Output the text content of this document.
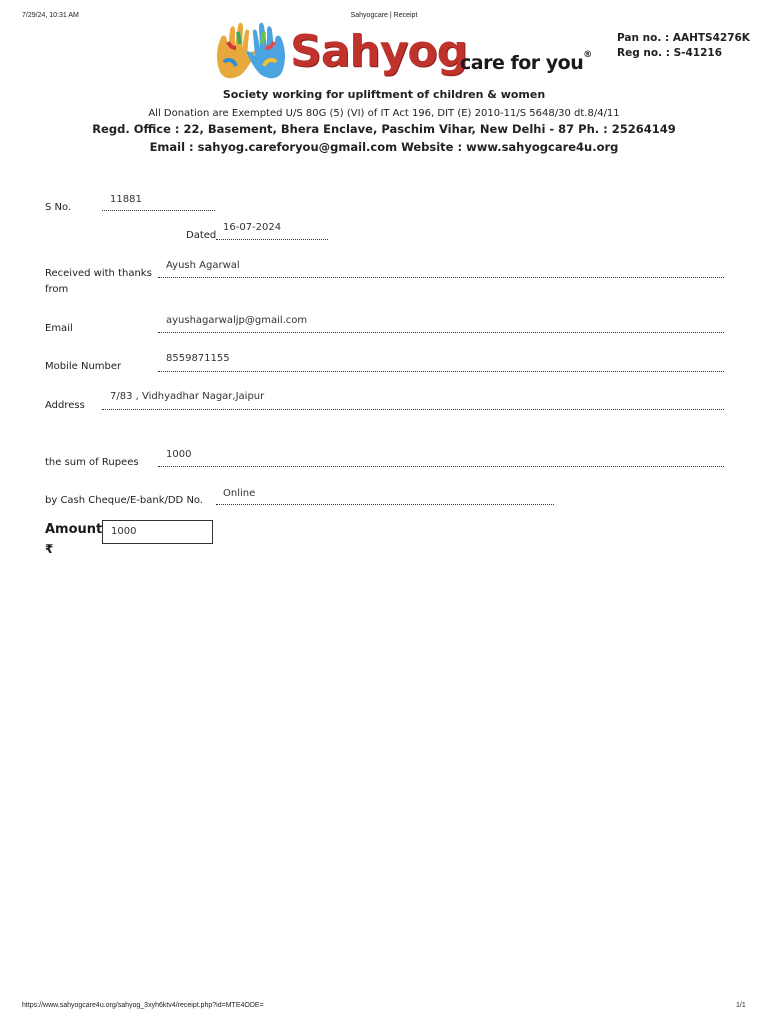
7/29/24, 10:31 AM	Sahyogcare | Receipt
Sahyog
care for you®
Pan no. : AAHTS4276K
Reg no. : S-41216
Society working for upliftment of children & women
All Donation are Exempted U/S 80G (5) (VI) of IT Act 196, DIT (E) 2010-11/S 5648/30 dt.8/4/11
Regd. Office : 22, Basement, Bhera Enclave, Paschim Vihar, New Delhi - 87 Ph. : 25264149
Email : sahyog.careforyou@gmail.com Website : www.sahyogcare4u.org
S No.
11881
Dated
16-07-2024
Received with thanks
from
Ayush Agarwal
Email
ayushagarwaljp@gmail.com
Mobile Number
8559871155
Address
7/83 , Vidhyadhar Nagar,Jaipur
the sum of Rupees
1000
by Cash Cheque/E-bank/DD No.
Online
Amount
₹
1000
https://www.sahyogcare4u.org/sahyog_3xyh6ktv4/receipt.php?id=MTE4ODE=	1/1
